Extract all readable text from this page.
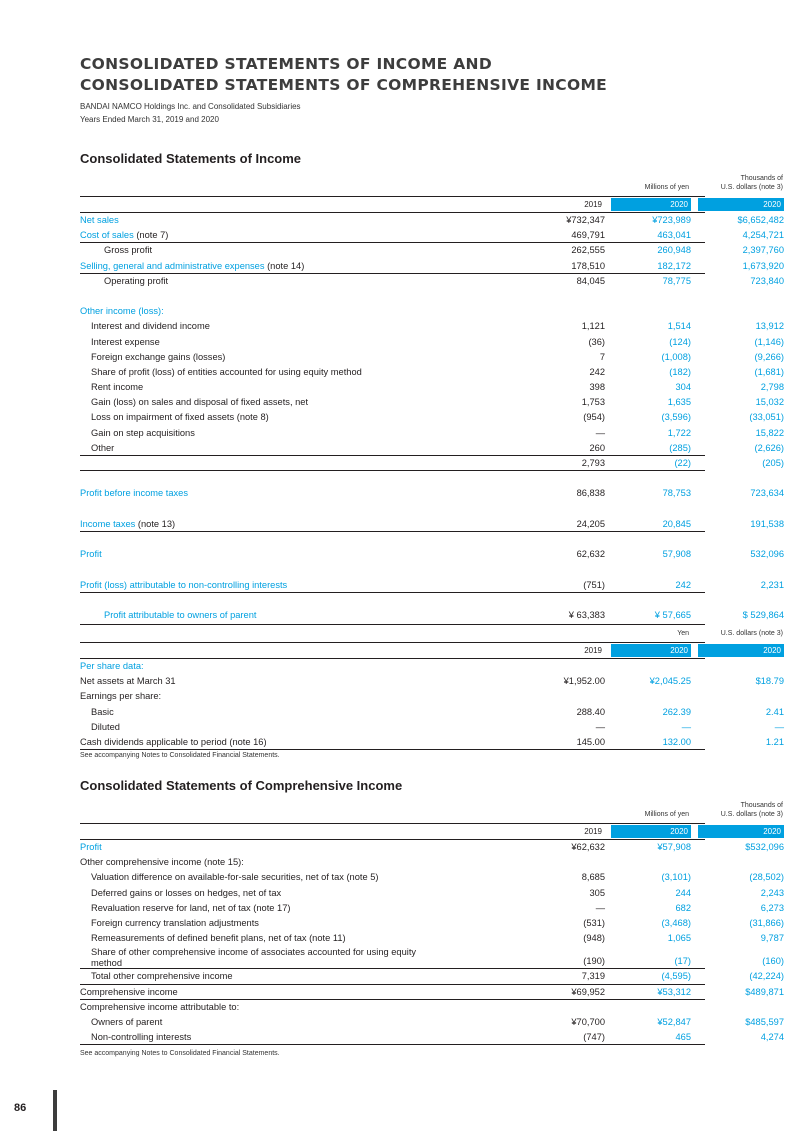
CONSOLIDATED STATEMENTS OF INCOME AND
CONSOLIDATED STATEMENTS OF COMPREHENSIVE INCOME
BANDAI NAMCO Holdings Inc. and Consolidated Subsidiaries
Years Ended March 31, 2019 and 2020
Consolidated Statements of Income
Millions of yen
Thousands of
U.S. dollars (note 3)
2019	2020	2020
Net sales	¥732,347	¥723,989	$6,652,482
Cost of sales (note 7)	469,791	463,041	4,254,721
Gross profit	262,555	260,948	2,397,760
Selling, general and administrative expenses (note 14)	178,510	182,172	1,673,920
Operating profit	84,045	78,775	723,840
Other income (loss):
Interest and dividend income	1,121	1,514	13,912
Interest expense	(36)	(124)	(1,146)
Foreign exchange gains (losses)	7	(1,008)	(9,266)
Share of profit (loss) of entities accounted for using equity method	242	(182)	(1,681)
Rent income	398	304	2,798
Gain (loss) on sales and disposal of fixed assets, net	1,753	1,635	15,032
Loss on impairment of fixed assets (note 8)	(954)	(3,596)	(33,051)
Gain on step acquisitions	—	1,722	15,822
Other	260	(285)	(2,626)
2,793	(22)	(205)
Profit before income taxes	86,838	78,753	723,634
Income taxes (note 13)	24,205	20,845	191,538
Profit	62,632	57,908	532,096
Profit (loss) attributable to non-controlling interests	(751)	242	2,231
Profit attributable to owners of parent	¥ 63,383	¥ 57,665	$ 529,864
Yen	U.S. dollars (note 3)
2019	2020	2020
Per share data:
Net assets at March 31	¥1,952.00	¥2,045.25	$18.79
Earnings per share:
Basic	288.40	262.39	2.41
Diluted	—	—	—
Cash dividends applicable to period (note 16)	145.00	132.00	1.21
See accompanying Notes to Consolidated Financial Statements.
Consolidated Statements of Comprehensive Income
Millions of yen
Thousands of
U.S. dollars (note 3)
2019	2020	2020
Profit	¥62,632	¥57,908	$532,096
Other comprehensive income (note 15):
Valuation difference on available-for-sale securities, net of tax (note 5)	8,685	(3,101)	(28,502)
Deferred gains or losses on hedges, net of tax	305	244	2,243
Revaluation reserve for land, net of tax (note 17)	—	682	6,273
Foreign currency translation adjustments	(531)	(3,468)	(31,866)
Remeasurements of defined benefit plans, net of tax (note 11)	(948)	1,065	9,787
Share of other comprehensive income of associates accounted for using equity method	(190)	(17)	(160)
Total other comprehensive income	7,319	(4,595)	(42,224)
Comprehensive income	¥69,952	¥53,312	$489,871
Comprehensive income attributable to:
Owners of parent	¥70,700	¥52,847	$485,597
Non-controlling interests	(747)	465	4,274
See accompanying Notes to Consolidated Financial Statements.
86
